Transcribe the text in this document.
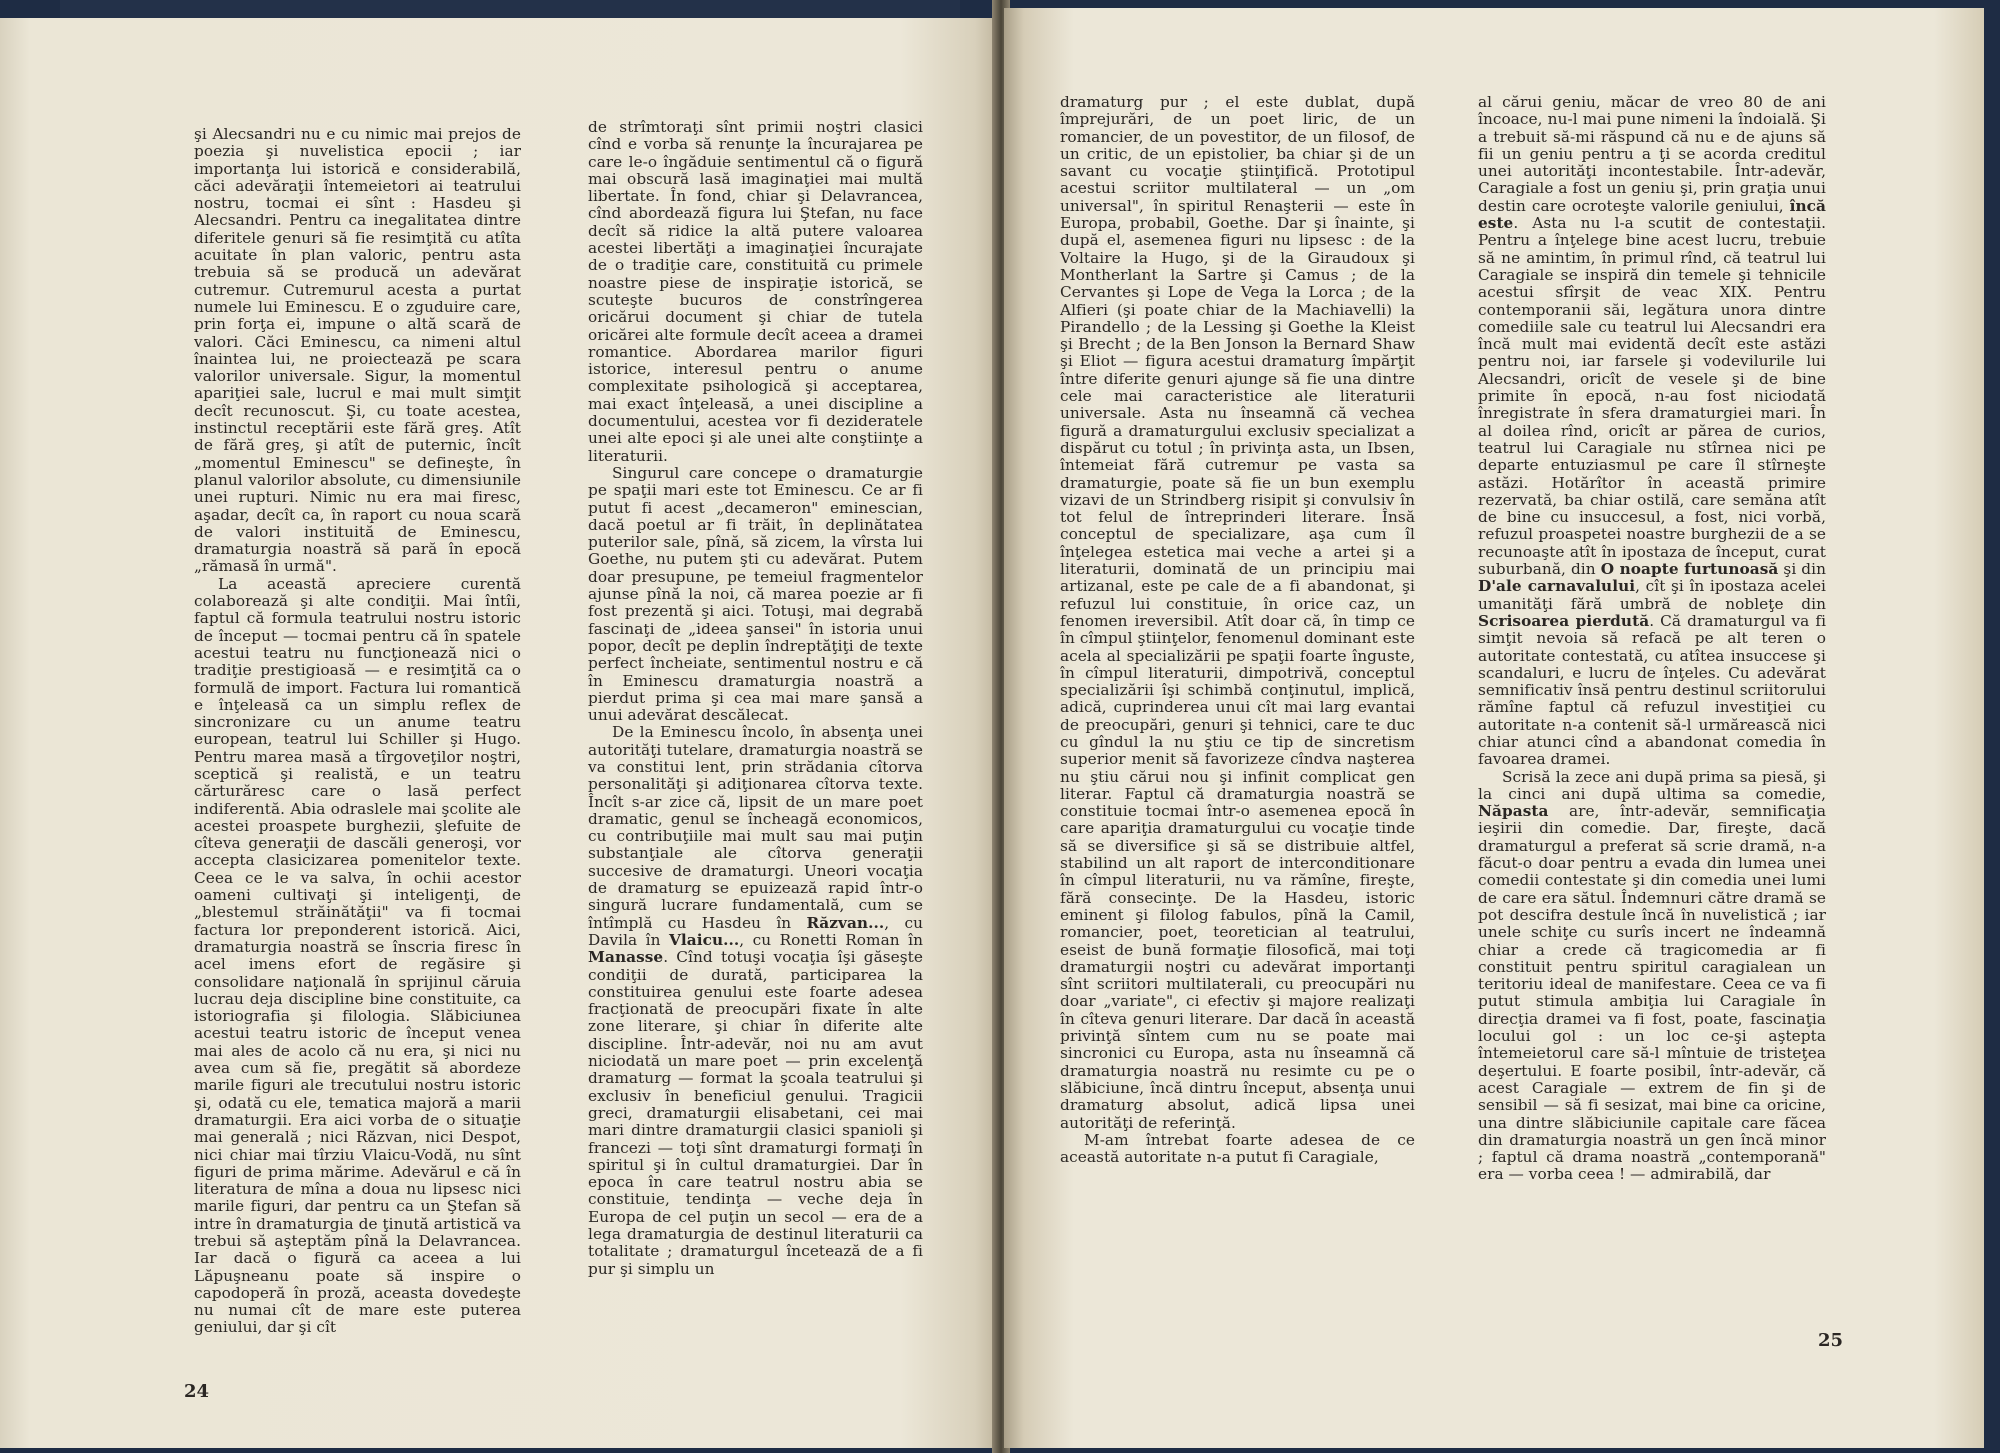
şi Alecsandri nu e cu nimic mai prejos de poezia şi nuvelistica epocii ; iar importanţa lui istorică e considerabilă, căci adevăraţii întemeietori ai teatrului nostru, tocmai ei sînt : Hasdeu şi Alecsandri. Pentru ca inegalitatea dintre diferitele genuri să fie resimţită cu atîta acuitate în plan valoric, pentru asta trebuia să se producă un adevărat cutremur. Cutremurul acesta a purtat numele lui Eminescu. E o zguduire care, prin forţa ei, impune o altă scară de valori. Căci Eminescu, ca nimeni altul înaintea lui, ne proiectează pe scara valorilor universale. Sigur, la momentul apariţiei sale, lucrul e mai mult simţit decît recunoscut. Şi, cu toate acestea, instinctul receptării este fără greş. Atît de fără greş, şi atît de puternic, încît „momentul Eminescu" se defineşte, în planul valorilor absolute, cu dimensiunile unei rupturi. Nimic nu era mai firesc, aşadar, decît ca, în raport cu noua scară de valori instituită de Eminescu, dramaturgia noastră să pară în epocă „rămasă în urmă".

La această apreciere curentă colaborează şi alte condiţii. Mai întîi, faptul că formula teatrului nostru istoric de început — tocmai pentru că în spatele acestui teatru nu funcţionează nici o tradiţie prestigioasă — e resimţită ca o formulă de import. Factura lui romantică e înţeleasă ca un simplu reflex de sincronizare cu un anume teatru european, teatrul lui Schiller şi Hugo. Pentru marea masă a tîrgoveţilor noştri, sceptică şi realistă, e un teatru cărturăresc care o lasă perfect indiferentă. Abia odraslele mai şcolite ale acestei proaspete burghezii, şlefuite de cîteva generaţii de dascăli generoşi, vor accepta clasicizarea pomenitelor texte. Ceea ce le va salva, în ochii acestor oameni cultivaţi şi inteligenţi, de „blestemul străinătăţii" va fi tocmai factura lor preponderent istorică. Aici, dramaturgia noastră se înscria firesc în acel imens efort de regăsire şi consolidare naţională în sprijinul căruia lucrau deja discipline bine constituite, ca istoriografia şi filologia. Slăbiciunea acestui teatru istoric de început venea mai ales de acolo că nu era, şi nici nu avea cum să fie, pregătit să abordeze marile figuri ale trecutului nostru istoric şi, odată cu ele, tematica majoră a marii dramaturgii. Era aici vorba de o situaţie mai generală ; nici Răzvan, nici Despot, nici chiar mai tîrziu Vlaicu-Vodă, nu sînt figuri de prima mărime. Adevărul e că în literatura de mîna a doua nu lipsesc nici marile figuri, dar pentru ca un Ştefan să intre în dramaturgia de ţinută artistică va trebui să aşteptăm pînă la Delavrancea. Iar dacă o figură ca aceea a lui Lăpuşneanu poate să inspire o capodoperă în proză, aceasta dovedeşte nu numai cît de mare este puterea geniului, dar şi cît

de strîmtoraţi sînt primii noştri clasici cînd e vorba să renunţe la încurajarea pe care le-o îngăduie sentimentul că o figură mai obscură lasă imaginaţiei mai multă libertate. În fond, chiar şi Delavrancea, cînd abordează figura lui Ştefan, nu face decît să ridice la altă putere valoarea acestei libertăţi a imaginaţiei încurajate de o tradiţie care, constituită cu primele noastre piese de inspiraţie istorică, se scuteşte bucuros de constrîngerea oricărui document şi chiar de tutela oricărei alte formule decît aceea a dramei romantice. Abordarea marilor figuri istorice, interesul pentru o anume complexitate psihologică şi acceptarea, mai exact înţeleasă, a unei discipline a documentului, acestea vor fi dezideratele unei alte epoci şi ale unei alte conştiinţe a literaturii.

Singurul care concepe o dramaturgie pe spaţii mari este tot Eminescu. Ce ar fi putut fi acest „decameron" eminescian, dacă poetul ar fi trăit, în deplinătatea puterilor sale, pînă, să zicem, la vîrsta lui Goethe, nu putem şti cu adevărat. Putem doar presupune, pe temeiul fragmentelor ajunse pînă la noi, că marea poezie ar fi fost prezentă şi aici. Totuşi, mai degrabă fascinaţi de „ideea şansei" în istoria unui popor, decît pe deplin îndreptăţiţi de texte perfect încheiate, sentimentul nostru e că în Eminescu dramaturgia noastră a pierdut prima şi cea mai mare şansă a unui adevărat descălecat.

De la Eminescu încolo, în absenţa unei autorităţi tutelare, dramaturgia noastră se va constitui lent, prin strădania cîtorva personalităţi şi adiţionarea cîtorva texte. Încît s-ar zice că, lipsit de un mare poet dramatic, genul se încheagă economicos, cu contribuţiile mai mult sau mai puţin substanţiale ale cîtorva generaţii succesive de dramaturgi. Uneori vocaţia de dramaturg se epuizează rapid într-o singură lucrare fundamentală, cum se întîmplă cu Hasdeu în Răzvan..., cu Davila în Vlaicu..., cu Ronetti Roman în Manasse. Cînd totuşi vocaţia îşi găseşte condiţii de durată, participarea la constituirea genului este foarte adesea fracţionată de preocupări fixate în alte zone literare, şi chiar în diferite alte discipline. Într-adevăr, noi nu am avut niciodată un mare poet — prin excelenţă dramaturg — format la şcoala teatrului şi exclusiv în beneficiul genului. Tragicii greci, dramaturgii elisabetani, cei mai mari dintre dramaturgii clasici spanioli şi francezi — toţi sînt dramaturgi formaţi în spiritul şi în cultul dramaturgiei. Dar în epoca în care teatrul nostru abia se constituie, tendinţa — veche deja în Europa de cel puţin un secol — era de a lega dramaturgia de destinul literaturii ca totalitate ; dramaturgul încetează de a fi pur şi simplu un

24

dramaturg pur ; el este dublat, după împrejurări, de un poet liric, de un romancier, de un povestitor, de un filosof, de un critic, de un epistolier, ba chiar şi de un savant cu vocaţie ştiinţifică. Prototipul acestui scriitor multilateral — un „om universal", în spiritul Renaşterii — este în Europa, probabil, Goethe. Dar şi înainte, şi după el, asemenea figuri nu lipsesc : de la Voltaire la Hugo, şi de la Giraudoux şi Montherlant la Sartre şi Camus ; de la Cervantes şi Lope de Vega la Lorca ; de la Alfieri (şi poate chiar de la Machiavelli) la Pirandello ; de la Lessing şi Goethe la Kleist şi Brecht ; de la Ben Jonson la Bernard Shaw şi Eliot — figura acestui dramaturg împărţit între diferite genuri ajunge să fie una dintre cele mai caracteristice ale literaturii universale. Asta nu înseamnă că vechea figură a dramaturgului exclusiv specializat a dispărut cu totul ; în privinţa asta, un Ibsen, întemeiat fără cutremur pe vasta sa dramaturgie, poate să fie un bun exemplu vizavi de un Strindberg risipit şi convulsiv în tot felul de întreprinderi literare. Însă conceptul de specializare, aşa cum îl înţelegea estetica mai veche a artei şi a literaturii, dominată de un principiu mai artizanal, este pe cale de a fi abandonat, şi refuzul lui constituie, în orice caz, un fenomen ireversibil. Atît doar că, în timp ce în cîmpul ştiinţelor, fenomenul dominant este acela al specializării pe spaţii foarte înguste, în cîmpul literaturii, dimpotrivă, conceptul specializării îşi schimbă conţinutul, implică, adică, cuprinderea unui cît mai larg evantai de preocupări, genuri şi tehnici, care te duc cu gîndul la nu ştiu ce tip de sincretism superior menit să favorizeze cîndva naşterea nu ştiu cărui nou şi infinit complicat gen literar. Faptul că dramaturgia noastră se constituie tocmai într-o asemenea epocă în care apariţia dramaturgului cu vocaţie tinde să se diversifice şi să se distribuie altfel, stabilind un alt raport de interconditionare în cîmpul literaturii, nu va rămîne, fireşte, fără consecinţe. De la Hasdeu, istoric eminent şi filolog fabulos, pînă la Camil, romancier, poet, teoretician al teatrului, eseist de bună formaţie filosofică, mai toţi dramaturgii noştri cu adevărat importanţi sînt scriitori multilaterali, cu preocupări nu doar „variate", ci efectiv şi majore realizaţi în cîteva genuri literare. Dar dacă în această privinţă sîntem cum nu se poate mai sincronici cu Europa, asta nu înseamnă că dramaturgia noastră nu resimte cu pe o slăbiciune, încă dintru început, absenţa unui dramaturg absolut, adică lipsa unei autorităţi de referinţă.

M-am întrebat foarte adesea de ce această autoritate n-a putut fi Caragiale,

al cărui geniu, măcar de vreo 80 de ani încoace, nu-l mai pune nimeni la îndoială. Şi a trebuit să-mi răspund că nu e de ajuns să fii un geniu pentru a ţi se acorda creditul unei autorităţi incontestabile. Într-adevăr, Caragiale a fost un geniu şi, prin graţia unui destin care ocroteşte valorile geniului, încă este. Asta nu l-a scutit de contestaţii. Pentru a înţelege bine acest lucru, trebuie să ne amintim, în primul rînd, că teatrul lui Caragiale se inspiră din temele şi tehnicile acestui sfîrşit de veac XIX. Pentru contemporanii săi, legătura unora dintre comediile sale cu teatrul lui Alecsandri era încă mult mai evidentă decît este astăzi pentru noi, iar farsele şi vodevilurile lui Alecsandri, oricît de vesele şi de bine primite în epocă, n-au fost niciodată înregistrate în sfera dramaturgiei mari. În al doilea rînd, oricît ar părea de curios, teatrul lui Caragiale nu stîrnea nici pe departe entuziasmul pe care îl stîrneşte astăzi. Hotărîtor în această primire rezervată, ba chiar ostilă, care semăna atît de bine cu insuccesul, a fost, nici vorbă, refuzul proaspetei noastre burghezii de a se recunoaşte atît în ipostaza de început, curat suburbană, din O noapte furtunoasă şi din D'ale carnavalului, cît şi în ipostaza acelei umanităţi fără umbră de nobleţe din Scrisoarea pierdută. Că dramaturgul va fi simţit nevoia să refacă pe alt teren o autoritate contestată, cu atîtea insuccese şi scandaluri, e lucru de înţeles. Cu adevărat semnificativ însă pentru destinul scriitorului rămîne faptul că refuzul investiţiei cu autoritate n-a contenit să-l urmărească nici chiar atunci cînd a abandonat comedia în favoarea dramei.

Scrisă la zece ani după prima sa piesă, şi la cinci ani după ultima sa comedie, Năpasta are, într-adevăr, semnificaţia ieşirii din comedie. Dar, fireşte, dacă dramaturgul a preferat să scrie dramă, n-a făcut-o doar pentru a evada din lumea unei comedii contestate şi din comedia unei lumi de care era sătul. Îndemnuri către dramă se pot descifra destule încă în nuvelistică ; iar unele schiţe cu surîs incert ne îndeamnă chiar a crede că tragicomedia ar fi constituit pentru spiritul caragialean un teritoriu ideal de manifestare. Ceea ce va fi putut stimula ambiţia lui Caragiale în direcţia dramei va fi fost, poate, fascinaţia locului gol : un loc ce-şi aştepta întemeietorul care să-l mîntuie de tristeţea deşertului. E foarte posibil, într-adevăr, că acest Caragiale — extrem de fin şi de sensibil — să fi sesizat, mai bine ca oricine, una dintre slăbiciunile capitale care făcea din dramaturgia noastră un gen încă minor ; faptul că drama noastră „contemporană" era — vorba ceea ! — admirabilă, dar

25
